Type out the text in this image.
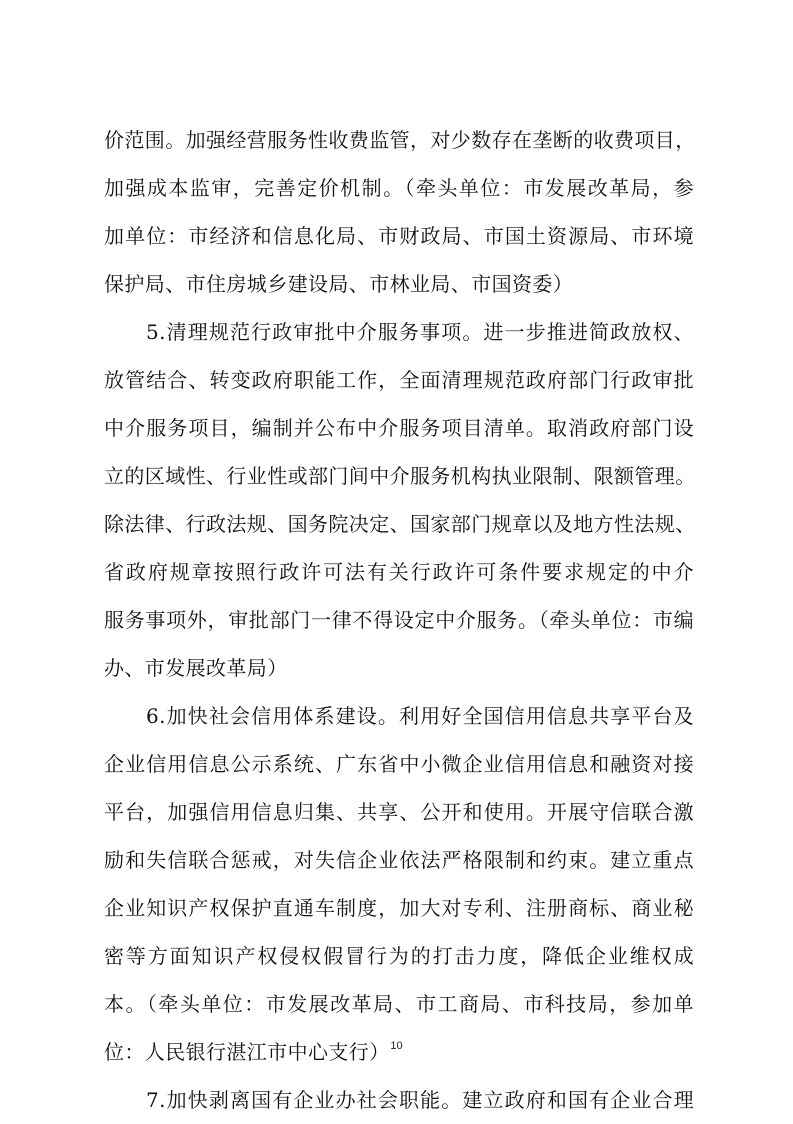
价范围。加强经营服务性收费监管，对少数存在垄断的收费项目，
加强成本监审，完善定价机制。（牵头单位：市发展改革局，参
加单位：市经济和信息化局、市财政局、市国土资源局、市环境
保护局、市住房城乡建设局、市林业局、市国资委）
5.清理规范行政审批中介服务事项。进一步推进简政放权、
放管结合、转变政府职能工作，全面清理规范政府部门行政审批
中介服务项目，编制并公布中介服务项目清单。取消政府部门设
立的区域性、行业性或部门间中介服务机构执业限制、限额管理。
除法律、行政法规、国务院决定、国家部门规章以及地方性法规、
省政府规章按照行政许可法有关行政许可条件要求规定的中介
服务事项外，审批部门一律不得设定中介服务。（牵头单位：市编
办、市发展改革局）
6.加快社会信用体系建设。利用好全国信用信息共享平台及
企业信用信息公示系统、广东省中小微企业信用信息和融资对接
平台，加强信用信息归集、共享、公开和使用。开展守信联合激
励和失信联合惩戒，对失信企业依法严格限制和约束。建立重点
企业知识产权保护直通车制度，加大对专利、注册商标、商业秘
密等方面知识产权侵权假冒行为的打击力度，降低企业维权成
本。（牵头单位：市发展改革局、市工商局、市科技局，参加单
位：人民银行湛江市中心支行）
7.加快剥离国有企业办社会职能。建立政府和国有企业合理
10
